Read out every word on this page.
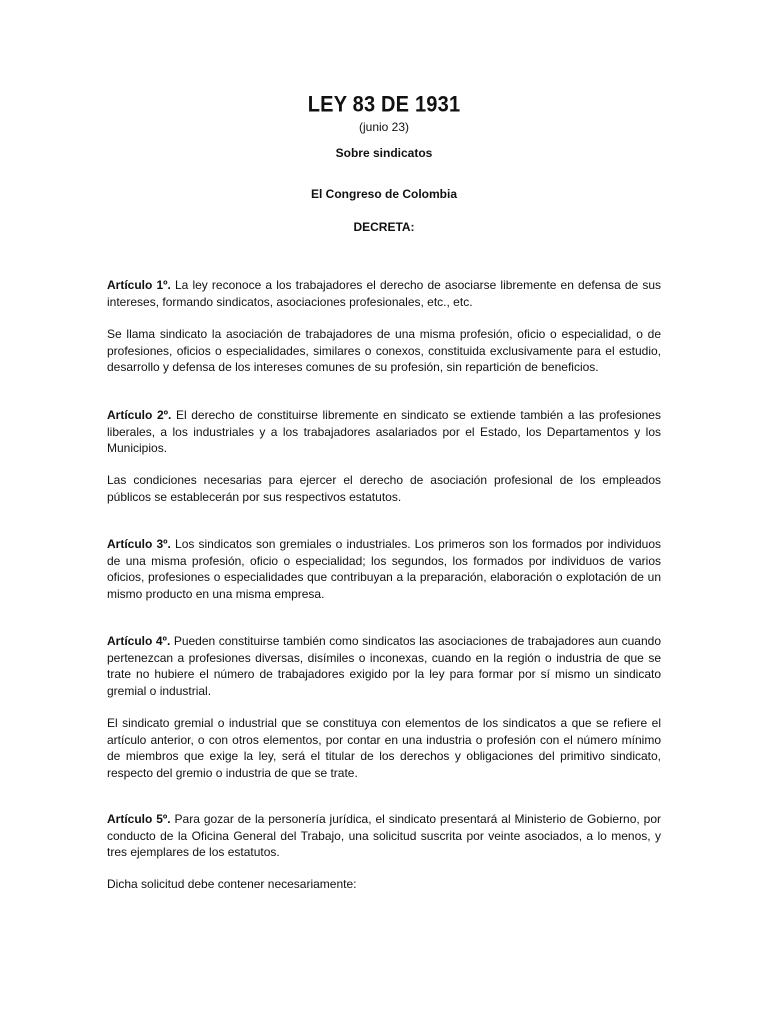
LEY 83 DE 1931
(junio 23)
Sobre sindicatos
El Congreso de Colombia
DECRETA:

Artículo 1º. La ley reconoce a los trabajadores el derecho de asociarse libremente en defensa de sus intereses, formando sindicatos, asociaciones profesionales, etc., etc.

Se llama sindicato la asociación de trabajadores de una misma profesión, oficio o especialidad, o de profesiones, oficios o especialidades, similares o conexos, constituida exclusivamente para el estudio, desarrollo y defensa de los intereses comunes de su profesión, sin repartición de beneficios.

Artículo 2º. El derecho de constituirse libremente en sindicato se extiende también a las profesiones liberales, a los industriales y a los trabajadores asalariados por el Estado, los Departamentos y los Municipios.

Las condiciones necesarias para ejercer el derecho de asociación profesional de los empleados públicos se establecerán por sus respectivos estatutos.

Artículo 3º. Los sindicatos son gremiales o industriales. Los primeros son los formados por individuos de una misma profesión, oficio o especialidad; los segundos, los formados por individuos de varios oficios, profesiones o especialidades que contribuyan a la preparación, elaboración o explotación de un mismo producto en una misma empresa.

Artículo 4º. Pueden constituirse también como sindicatos las asociaciones de trabajadores aun cuando pertenezcan a profesiones diversas, disímiles o inconexas, cuando en la región o industria de que se trate no hubiere el número de trabajadores exigido por la ley para formar por sí mismo un sindicato gremial o industrial.

El sindicato gremial o industrial que se constituya con elementos de los sindicatos a que se refiere el artículo anterior, o con otros elementos, por contar en una industria o profesión con el número mínimo de miembros que exige la ley, será el titular de los derechos y obligaciones del primitivo sindicato, respecto del gremio o industria de que se trate.

Artículo 5º. Para gozar de la personería jurídica, el sindicato presentará al Ministerio de Gobierno, por conducto de la Oficina General del Trabajo, una solicitud suscrita por veinte asociados, a lo menos, y tres ejemplares de los estatutos.

Dicha solicitud debe contener necesariamente:
